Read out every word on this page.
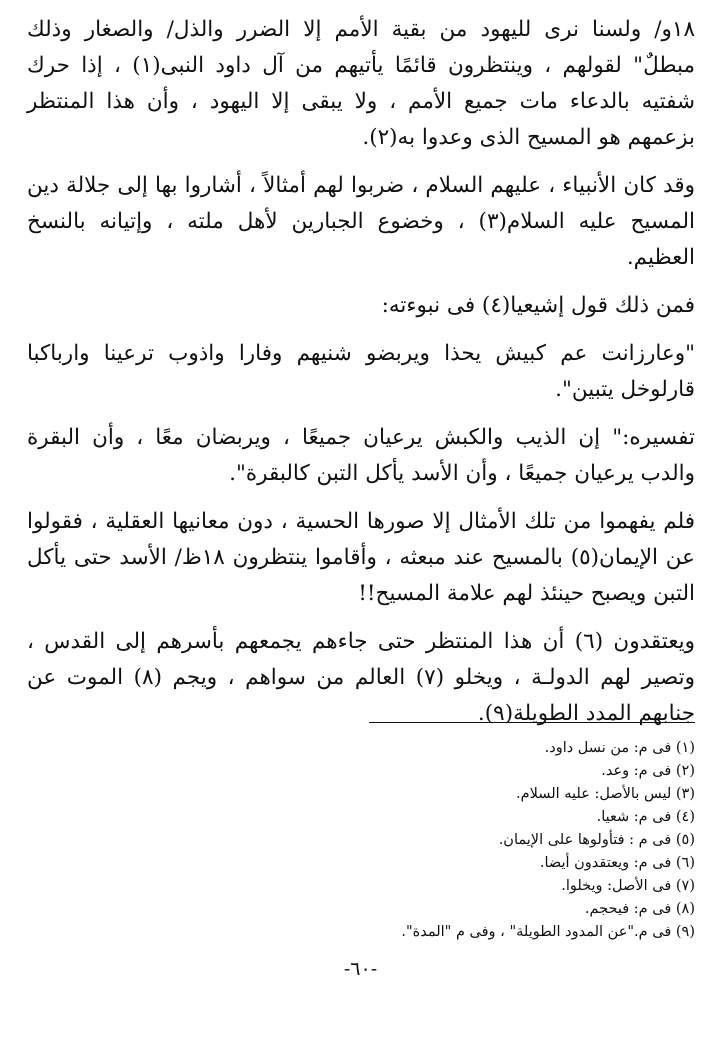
١٨و/ ولسنا نرى لليهود من بقية الأمم إلا الضرر والذل/ والصغار وذلك مبطلٌ" لقولهم ، وينتظرون قائمًا يأتيهم من آل داود النبى(١) ، إذا حرك شفتيه بالدعاء مات جميع الأمم ، ولا يبقى إلا اليهود ، وأن هذا المنتظر بزعمهم هو المسيح الذى وعدوا به(٢).

وقد كان الأنبياء ، عليهم السلام ، ضربوا لهم أمثالاً ، أشاروا بها إلى جلالة دين المسيح عليه السلام(٣) ، وخضوع الجبارين لأهل ملته ، وإتيانه بالنسخ العظيم.

فمن ذلك قول إشيعيا(٤) فى نبوءته:

"وعارزانت عم كبيش يحذا ويربضو شنيهم وفارا واذوب ترعينا وارباكبا قارلوخل يتبين".

تفسيره:" إن الذيب والكبش يرعيان جميعًا ، ويربضان معًا ، وأن البقرة والدب يرعيان جميعًا ، وأن الأسد يأكل التبن كالبقرة".

فلم يفهموا من تلك الأمثال إلا صورها الحسية ، دون معانيها العقلية ، فقولوا عن الإيمان(٥) بالمسيح عند مبعثه ، وأقاموا ينتظرون ١٨ظ/ الأسد حتى يأكل التبن ويصبح حينئذ لهم علامة المسيح!!

ويعتقدون (٦) أن هذا المنتظر حتى جاءهم يجمعهم بأسرهم إلى القدس ، وتصير لهم الدولـة ، ويخلو (٧) العالم من سواهم ، ويجم (٨) الموت عن جنابهم المدد الطويلة(٩).

(١) فى م: من نسل داود.

(٢) فى م: وعد.

(٣) ليس بالأصل: عليه السلام.

(٤) فى م: شعيا.

(٥) فى م : فتأولوها على الإيمان.

(٦) فى م: ويعتقدون أيضا.

(٧) فى الأصل: ويخلوا.

(٨) فى م: فيحجم.

(٩) فى م."عن المدود الطويلة" ، وفى م "المدة".

-٦٠-
